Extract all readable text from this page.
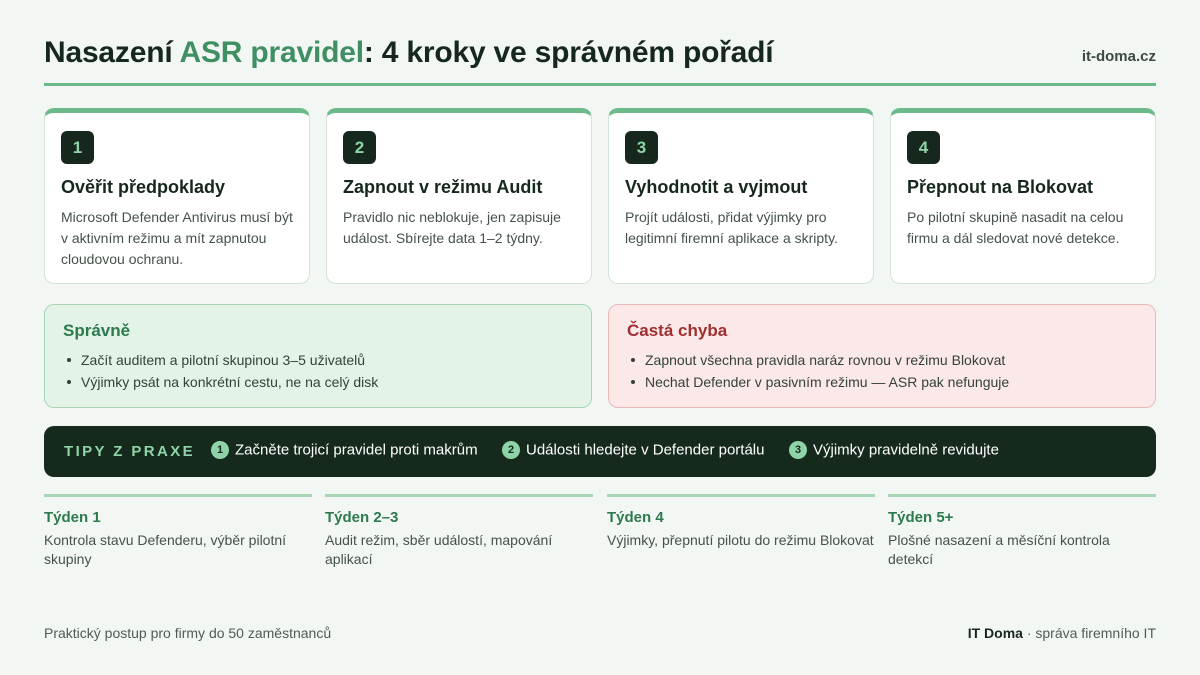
Nasazení ASR pravidel: 4 kroky ve správném pořadí	it-doma.cz
1
Ověřit předpoklady
Microsoft Defender Antivirus musí být v aktivním režimu a mít zapnutou cloudovou ochranu.
2
Zapnout v režimu Audit
Pravidlo nic neblokuje, jen zapisuje událost. Sbírejte data 1–2 týdny.
3
Vyhodnotit a vyjmout
Projít události, přidat výjimky pro legitimní firemní aplikace a skripty.
4
Přepnout na Blokovat
Po pilotní skupině nasadit na celou firmu a dál sledovat nové detekce.
Správně
Začít auditem a pilotní skupinou 3–5 uživatelů
Výjimky psát na konkrétní cestu, ne na celý disk
Častá chyba
Zapnout všechna pravidla naráz rovnou v režimu Blokovat
Nechat Defender v pasivním režimu — ASR pak nefunguje
TIPY Z PRAXE	1 Začněte trojicí pravidel proti makrům	2 Události hledejte v Defender portálu	3 Výjimky pravidelně revidujte
Týden 1
Kontrola stavu Defenderu, výběr pilotní skupiny
Týden 2–3
Audit režim, sběr událostí, mapování aplikací
Týden 4
Výjimky, přepnutí pilotu do režimu Blokovat
Týden 5+
Plošné nasazení a měsíční kontrola detekcí
Praktický postup pro firmy do 50 zaměstnanců	IT Doma · správa firemního IT
